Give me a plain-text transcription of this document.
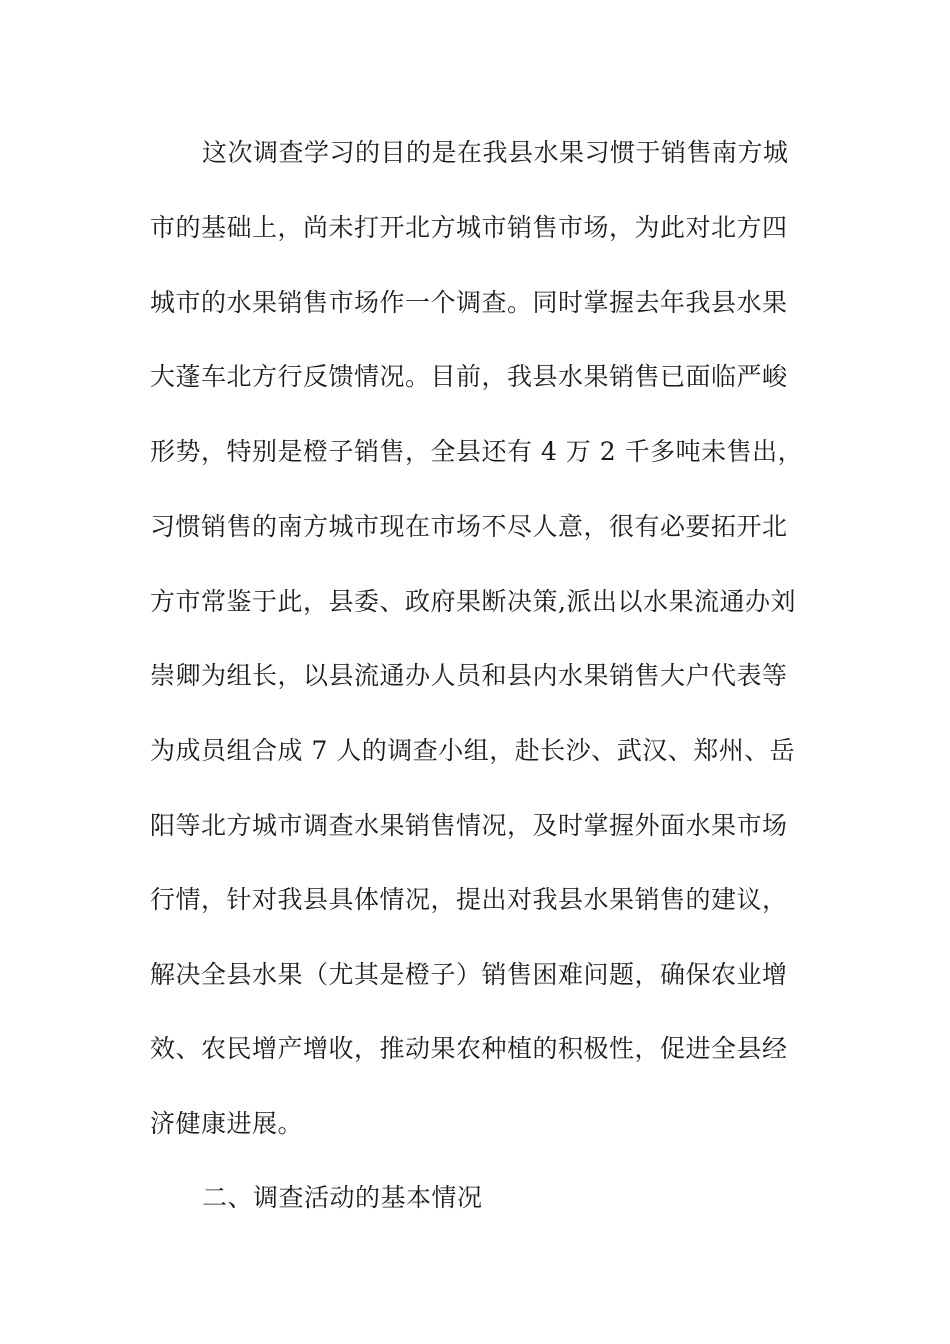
这次调查学习的目的是在我县水果习惯于销售南方城
市的基础上，尚未打开北方城市销售市场，为此对北方四
城市的水果销售市场作一个调查。同时掌握去年我县水果
大蓬车北方行反馈情况。目前，我县水果销售已面临严峻
形势，特别是橙子销售，全县还有 4 万 2 千多吨未售出，
习惯销售的南方城市现在市场不尽人意，很有必要拓开北
方市常鉴于此，县委、政府果断决策,派出以水果流通办刘
崇卿为组长，以县流通办人员和县内水果销售大户代表等
为成员组合成 7 人的调查小组，赴长沙、武汉、郑州、岳
阳等北方城市调查水果销售情况，及时掌握外面水果市场
行情，针对我县具体情况，提出对我县水果销售的建议，
解决全县水果（尤其是橙子）销售困难问题，确保农业增
效、农民增产增收，推动果农种植的积极性，促进全县经
济健康进展。
二、调查活动的基本情况
